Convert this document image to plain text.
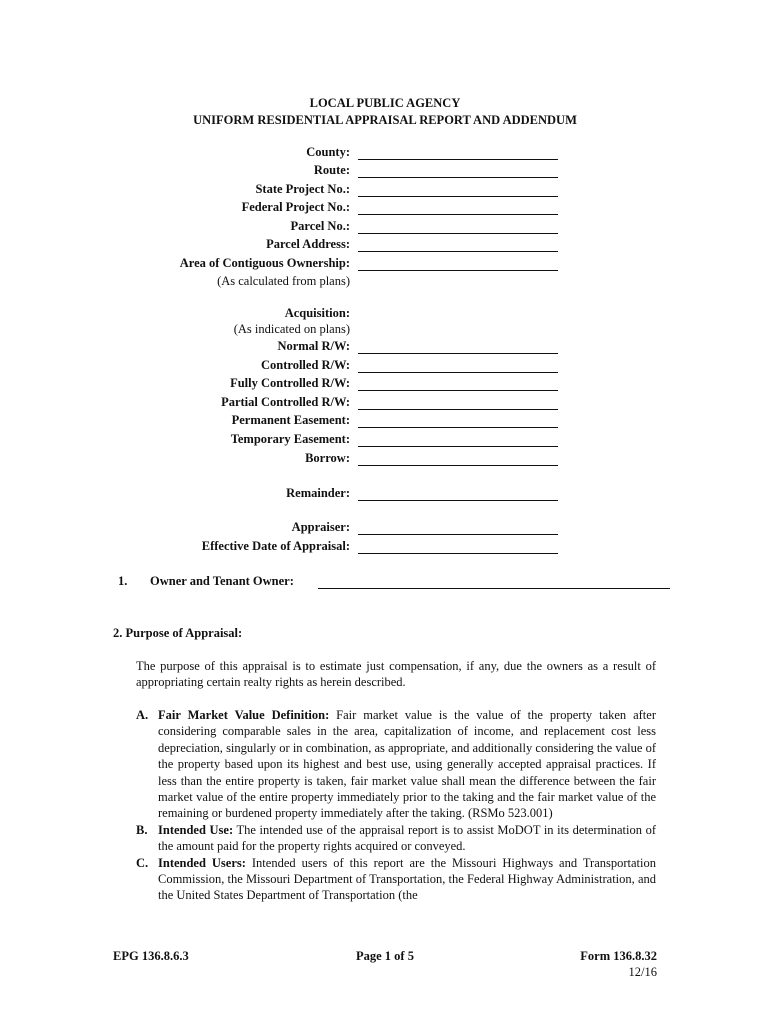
LOCAL PUBLIC AGENCY
UNIFORM RESIDENTIAL APPRAISAL REPORT AND ADDENDUM
County:
Route:
State Project No.:
Federal Project No.:
Parcel No.:
Parcel Address:
Area of Contiguous Ownership:
(As calculated from plans)
Acquisition:
(As indicated on plans)
Normal R/W:
Controlled R/W:
Fully Controlled R/W:
Partial Controlled R/W:
Permanent Easement:
Temporary Easement:
Borrow:
Remainder:
Appraiser:
Effective Date of Appraisal:
1. Owner and Tenant Owner:
2. Purpose of Appraisal:
The purpose of this appraisal is to estimate just compensation, if any, due the owners as a result of appropriating certain realty rights as herein described.
A. Fair Market Value Definition: Fair market value is the value of the property taken after considering comparable sales in the area, capitalization of income, and replacement cost less depreciation, singularly or in combination, as appropriate, and additionally considering the value of the property based upon its highest and best use, using generally accepted appraisal practices. If less than the entire property is taken, fair market value shall mean the difference between the fair market value of the entire property immediately prior to the taking and the fair market value of the remaining or burdened property immediately after the taking. (RSMo 523.001)
B. Intended Use: The intended use of the appraisal report is to assist MoDOT in its determination of the amount paid for the property rights acquired or conveyed.
C. Intended Users: Intended users of this report are the Missouri Highways and Transportation Commission, the Missouri Department of Transportation, the Federal Highway Administration, and the United States Department of Transportation (the
EPG 136.8.6.3	Page 1 of 5	Form 136.8.32
12/16
